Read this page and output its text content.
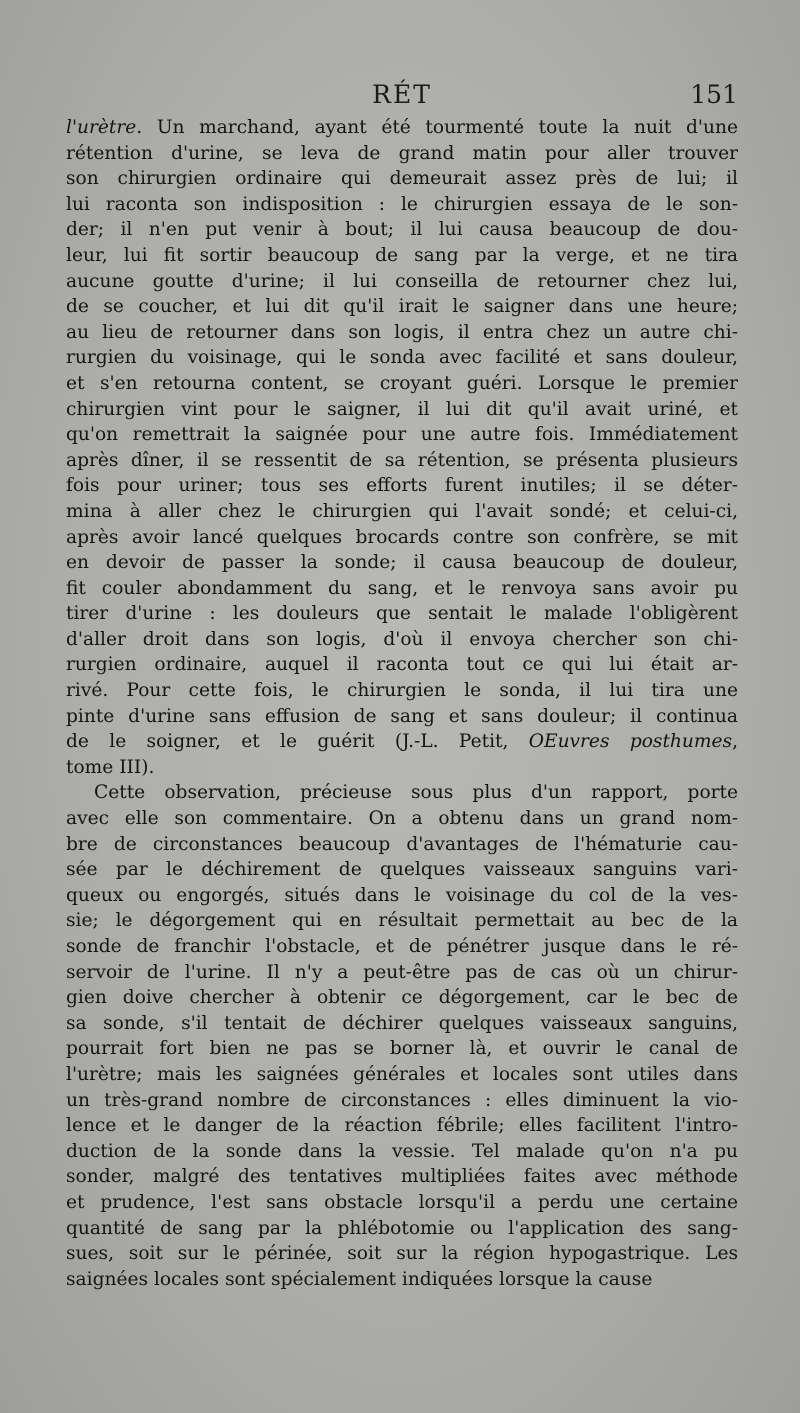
RÉT	151
l'urètre. Un marchand, ayant été tourmenté toute la nuit d'une
rétention d'urine, se leva de grand matin pour aller trouver
son chirurgien ordinaire qui demeurait assez près de lui; il
lui raconta son indisposition : le chirurgien essaya de le son-
der; il n'en put venir à bout; il lui causa beaucoup de dou-
leur, lui fit sortir beaucoup de sang par la verge, et ne tira
aucune goutte d'urine; il lui conseilla de retourner chez lui,
de se coucher, et lui dit qu'il irait le saigner dans une heure;
au lieu de retourner dans son logis, il entra chez un autre chi-
rurgien du voisinage, qui le sonda avec facilité et sans douleur,
et s'en retourna content, se croyant guéri. Lorsque le premier
chirurgien vint pour le saigner, il lui dit qu'il avait uriné, et
qu'on remettrait la saignée pour une autre fois. Immédiatement
après dîner, il se ressentit de sa rétention, se présenta plusieurs
fois pour uriner; tous ses efforts furent inutiles; il se déter-
mina à aller chez le chirurgien qui l'avait sondé; et celui-ci,
après avoir lancé quelques brocards contre son confrère, se mit
en devoir de passer la sonde; il causa beaucoup de douleur,
fit couler abondamment du sang, et le renvoya sans avoir pu
tirer d'urine : les douleurs que sentait le malade l'obligèrent
d'aller droit dans son logis, d'où il envoya chercher son chi-
rurgien ordinaire, auquel il raconta tout ce qui lui était ar-
rivé. Pour cette fois, le chirurgien le sonda, il lui tira une
pinte d'urine sans effusion de sang et sans douleur; il continua
de le soigner, et le guérit (J.-L. Petit, OEuvres posthumes,
tome III).
Cette observation, précieuse sous plus d'un rapport, porte
avec elle son commentaire. On a obtenu dans un grand nom-
bre de circonstances beaucoup d'avantages de l'hématurie cau-
sée par le déchirement de quelques vaisseaux sanguins vari-
queux ou engorgés, situés dans le voisinage du col de la ves-
sie; le dégorgement qui en résultait permettait au bec de la
sonde de franchir l'obstacle, et de pénétrer jusque dans le ré-
servoir de l'urine. Il n'y a peut-être pas de cas où un chirur-
gien doive chercher à obtenir ce dégorgement, car le bec de
sa sonde, s'il tentait de déchirer quelques vaisseaux sanguins,
pourrait fort bien ne pas se borner là, et ouvrir le canal de
l'urètre; mais les saignées générales et locales sont utiles dans
un très-grand nombre de circonstances : elles diminuent la vio-
lence et le danger de la réaction fébrile; elles facilitent l'intro-
duction de la sonde dans la vessie. Tel malade qu'on n'a pu
sonder, malgré des tentatives multipliées faites avec méthode
et prudence, l'est sans obstacle lorsqu'il a perdu une certaine
quantité de sang par la phlébotomie ou l'application des sang-
sues, soit sur le périnée, soit sur la région hypogastrique. Les
saignées locales sont spécialement indiquées lorsque la cause
